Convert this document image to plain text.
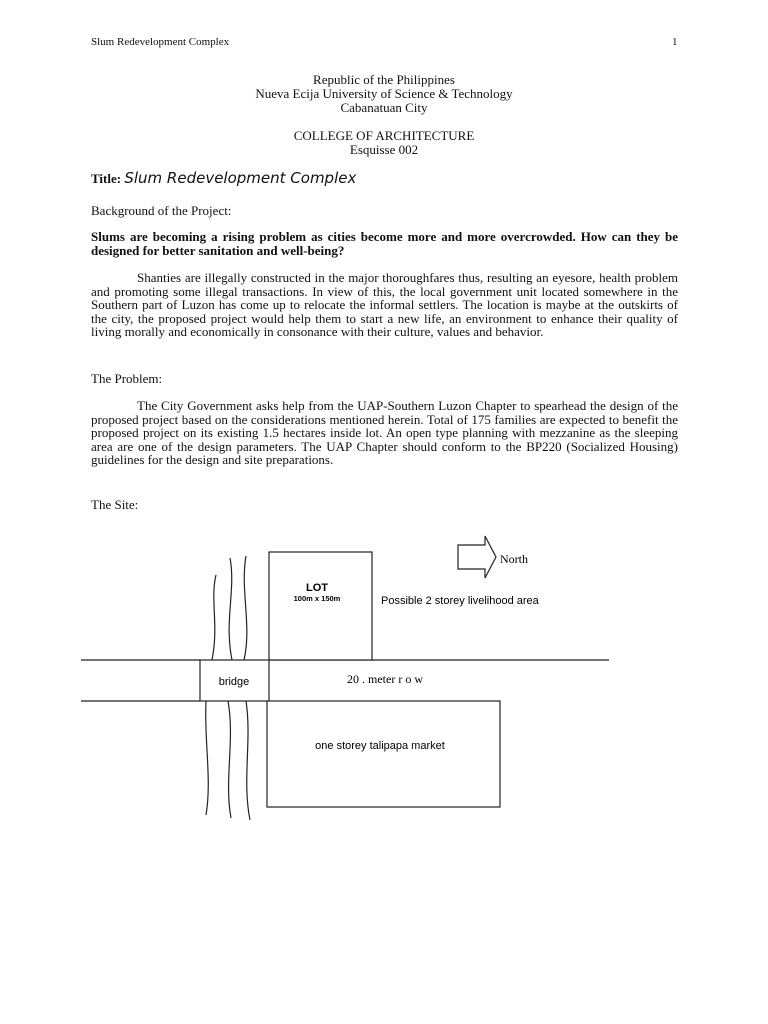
Slum Redevelopment Complex	1
Republic of the Philippines
Nueva Ecija University of Science & Technology
Cabanatuan City
COLLEGE OF ARCHITECTURE
Esquisse 002
Title: Slum Redevelopment Complex
Background of the Project:
Slums are becoming a rising problem as cities become more and more overcrowded. How can they be designed for better sanitation and well-being?
Shanties are illegally constructed in the major thoroughfares thus, resulting an eyesore, health problem and promoting some illegal transactions. In view of this, the local government unit located somewhere in the Southern part of Luzon has come up to relocate the informal settlers. The location is maybe at the outskirts of the city, the proposed project would help them to start a new life, an environment to enhance their quality of living morally and economically in consonance with their culture, values and behavior.
The Problem:
The City Government asks help from the UAP-Southern Luzon Chapter to spearhead the design of the proposed project based on the considerations mentioned herein. Total of 175 families are expected to benefit the proposed project on its existing 1.5 hectares inside lot. An open type planning with mezzanine as the sleeping area are one of the design parameters. The UAP Chapter should conform to the BP220 (Socialized Housing) guidelines for the design and site preparations.
The Site:
LOT
100m x 150m	Possible 2 storey livelihood area
North
bridge	20 . meter r o w
one storey talipapa market
